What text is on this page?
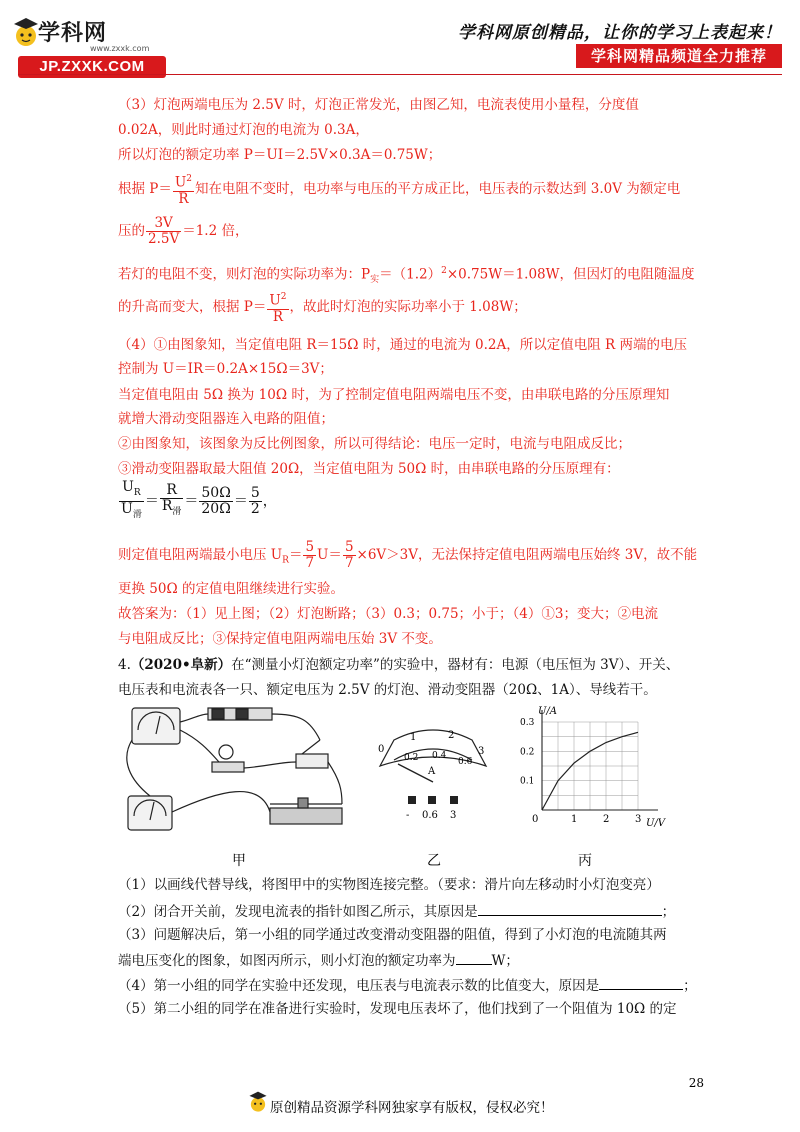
学科网
www.zxxk.com
JP.ZXXK.COM
学科网原创精品，让你的学习上表起来！
学科网精品频道全力推荐
（3）灯泡两端电压为 2.5V 时，灯泡正常发光，由图乙知，电流表使用小量程，分度值
0.02A，则此时通过灯泡的电流为 0.3A，
所以灯泡的额定功率 P＝UI＝2.5V×0.3A＝0.75W；
根据 $P= \frac{U^2}{R}$ 知在电阻不变时，电功率与电压的平方成正比，电压表的示数达到 3.0V 为额定电
压的 $\frac{3V}{2.5V} =1.2$ 倍，
若灯的电阻不变，则灯泡的实际功率为：$P_实=(1.2)^2\times 0.75W=1.08W$，但因灯的电阻随温度
的升高而变大，根据 $P= \frac{U^2}{R}$ ，故此时灯泡的实际功率小于 1.08W；
（4）①由图象知，当定值电阻 R＝15Ω 时，通过的电流为 0.2A，所以定值电阻 R 两端的电压
控制为 U＝IR＝0.2A×15Ω＝3V；
当定值电阻由 5Ω 换为 10Ω 时，为了控制定值电阻两端电压不变，由串联电路的分压原理知
就增大滑动变阻器连入电路的阻值；
②由图象知，该图象为反比例图象，所以可得结论：电压一定时，电流与电阻成反比；
③滑动变阻器取最大阻值 20Ω，当定值电阻为 50Ω 时，由串联电路的分压原理有：
$\frac{U_R}{U_滑} = \frac{R}{R_滑} = \frac{50\Omega}{20\Omega} = \frac{5}{2}$ ，
则定值电阻两端最小电压 $U_R= \frac{5}{7} U= \frac{5}{7} \times 6V>3V$，无法保持定值电阻两端电压始终 3V，故不能
更换 50Ω 的定值电阻继续进行实验。
故答案为：（1）见上图；（2）灯泡断路；（3）0.3；0.75；小于；（4）①3；变大；②电流
与电阻成反比；③保持定值电阻两端电压始 3V 不变。
4.（2020•阜新）在“测量小灯泡额定功率”的实验中，器材有：电源（电压恒为 3V）、开关、
电压表和电流表各一只、额定电压为 2.5V 的灯泡、滑动变阻器（20Ω、1A）、导线若干。
0
1	2
3
0.2 0.4
0.6
A
- 0.6 3
U/A
U/V
0	1	2	3
0.1
0.2
0.3
甲	乙	丙
（1）以画线代替导线，将图甲中的实物图连接完整。（要求：滑片向左移动时小灯泡变亮）
（2）闭合开关前，发现电流表的指针如图乙所示，其原因是	；
（3）问题解决后，第一小组的同学通过改变滑动变阻器的阻值，得到了小灯泡的电流随其两
端电压变化的图象，如图丙所示，则小灯泡的额定功率为	W；
（4）第一小组的同学在实验中还发现，电压表与电流表示数的比值变大，原因是	；
（5）第二小组的同学在准备进行实验时，发现电压表坏了，他们找到了一个阻值为 10Ω 的定
28
原创精品资源学科网独家享有版权，侵权必究！
